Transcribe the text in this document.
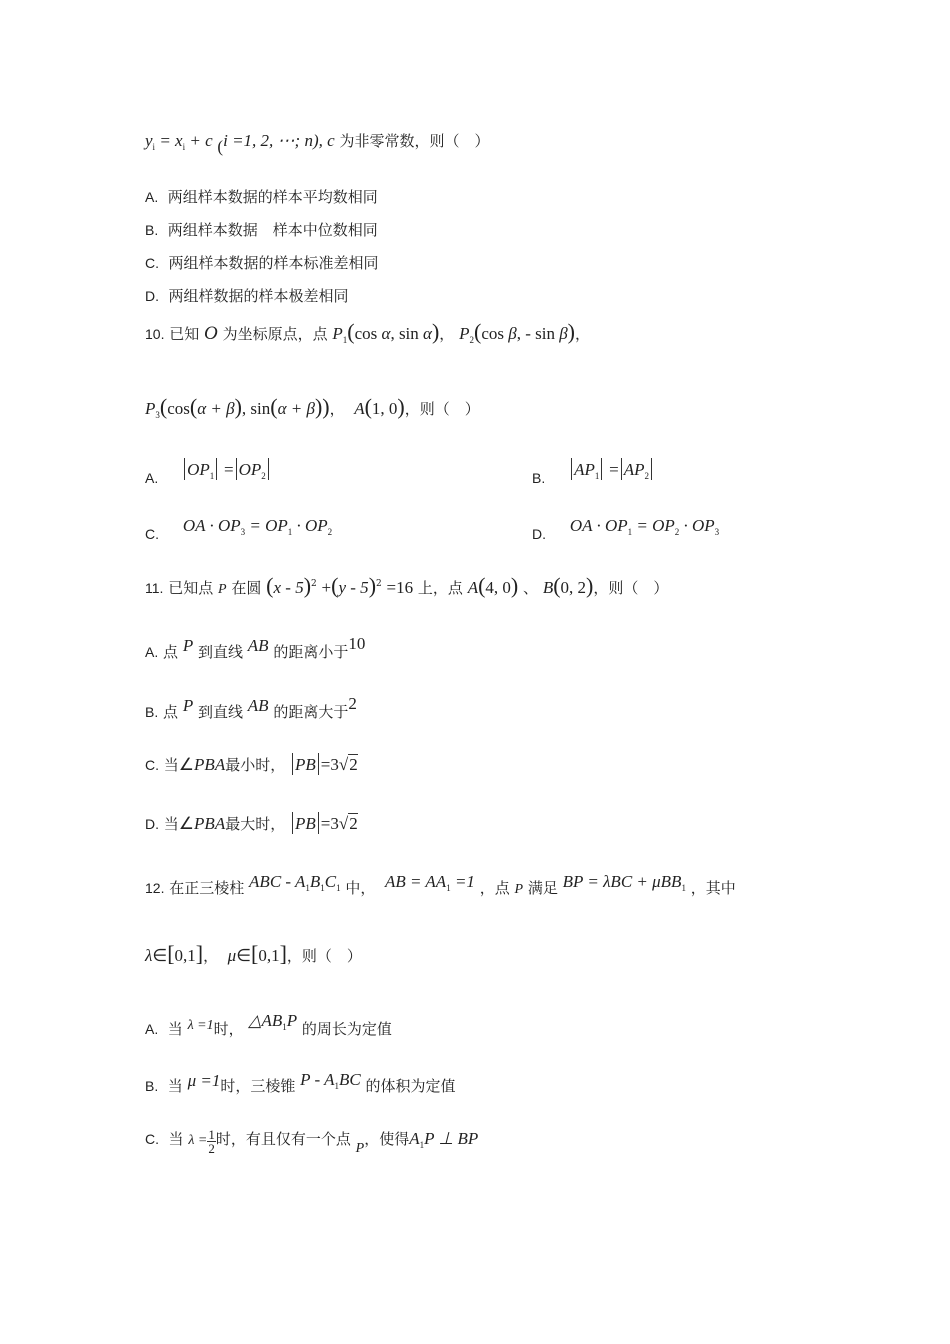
$y_i = x_i + c$ (i =1, 2, ⋯; n), c 为非零常数，则（　）
A. 两组样本数据的样本平均数相同
B. 两组样本数据　样本中位数相同
C. 两组样本数据的样本标准差相同
D. 两组样数据的样本极差相同
10. 已知 O 为坐标原点，点 $P_1(\cos$ α, sin α)， $P_2(\cos$ β, - sin β)，
$P_3(\cos(\alpha + \beta)$, sin(α + β))， A(1, 0)，则（　）
A. $OP_1 = OP_2$	B. $AP_1 = AP_2$
C. OA · $OP_3 = OP_1 \cdot OP_2$	D. OA · $OP_1 = OP_2 \cdot OP_3$
11. 已知点 P 在圆 (x - 5)$^2$ +(y - 5)$^2$ =16 上，点 A(4, 0) 、 B(0, 2)，则（　）
A. 点 P 到直线 AB 的距离小于10
B. 点 P 到直线 AB 的距离大于2
C. 当∠PBA最小时， PB =3√2
D. 当∠PBA最大时， PB =3√2
12. 在正三棱柱 ABC - $A_1B_1C_1$ 中， AB = $AA_1 =1$ ，点 P 满足 BP = λBC + μBB$_1$ ，其中
λ∈[0,1]， μ∈[0,1]，则（　）
A. 当 λ =1时， $\triangle AB_1P$ 的周长为定值
B. 当 μ =1时，三棱锥 P - $A_1BC$ 的体积为定值
C. 当 $\lambda = \frac{1}{2}$ 时，有且仅有一个点 P，使得$A_1P$ ⊥ BP
